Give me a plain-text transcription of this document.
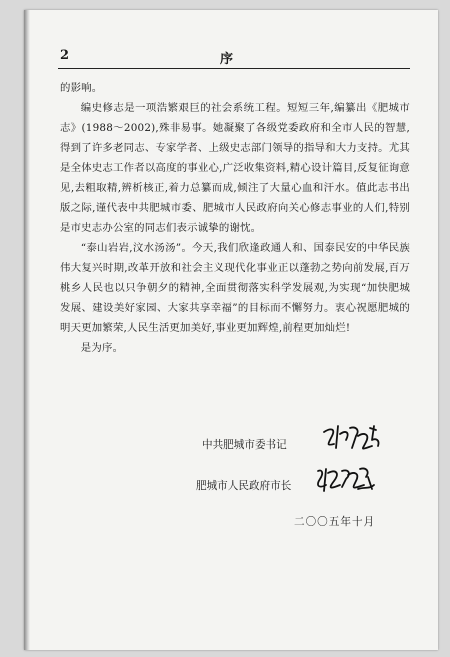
2	序

的影响。

编史修志是一项浩繁艰巨的社会系统工程。短短三年,编纂出《肥城市志》(1988～2002),殊非易事。她凝聚了各级党委政府和全市人民的智慧,得到了许多老同志、专家学者、上级史志部门领导的指导和大力支持。尤其是全体史志工作者以高度的事业心,广泛收集资料,精心设计篇目,反复征询意见,去粗取精,辨析核正,着力总纂而成,倾注了大量心血和汗水。值此志书出版之际,谨代表中共肥城市委、肥城市人民政府向关心修志事业的人们,特别是市史志办公室的同志们表示诚挚的谢忱。

“泰山岩岩,汶水汤汤”。今天,我们欣逢政通人和、国泰民安的中华民族伟大复兴时期,改革开放和社会主义现代化事业正以蓬勃之势向前发展,百万桃乡人民也以只争朝夕的精神,全面贯彻落实科学发展观,为实现“加快肥城发展、建设美好家园、大家共享幸福”的目标而不懈努力。衷心祝愿肥城的明天更加繁荣,人民生活更加美好,事业更加辉煌,前程更加灿烂!

是为序。

中共肥城市委书记
肥城市人民政府市长
二〇〇五年十月
